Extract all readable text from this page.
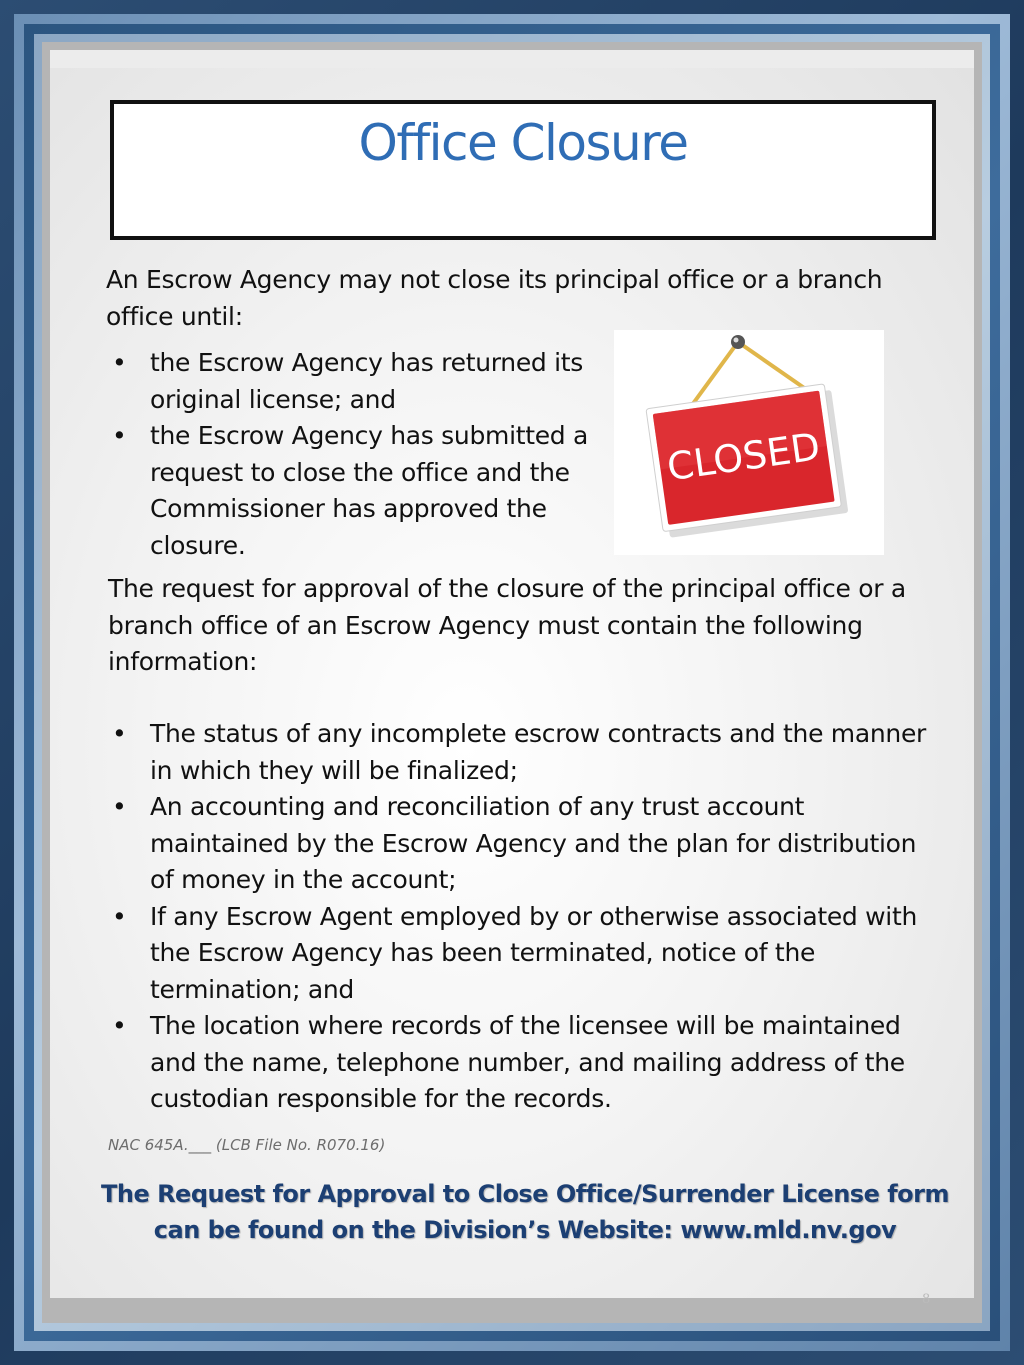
Office Closure

An Escrow Agency may not close its principal office or a branch office until:

• the Escrow Agency has returned its original license; and
• the Escrow Agency has submitted a request to close the office and the Commissioner has approved the closure.
CLOSED

The request for approval of the closure of the principal office or a branch office of an Escrow Agency must contain the following information:

• The status of any incomplete escrow contracts and the manner in which they will be finalized;
• An accounting and reconciliation of any trust account maintained by the Escrow Agency and the plan for distribution of money in the account;
• If any Escrow Agent employed by or otherwise associated with the Escrow Agency has been terminated, notice of the termination; and
• The location where records of the licensee will be maintained and the name, telephone number, and mailing address of the custodian responsible for the records.
NAC 645A.___ (LCB File No. R070.16)
The Request for Approval to Close Office/Surrender License form
can be found on the Division’s Website: www.mld.nv.gov
8
